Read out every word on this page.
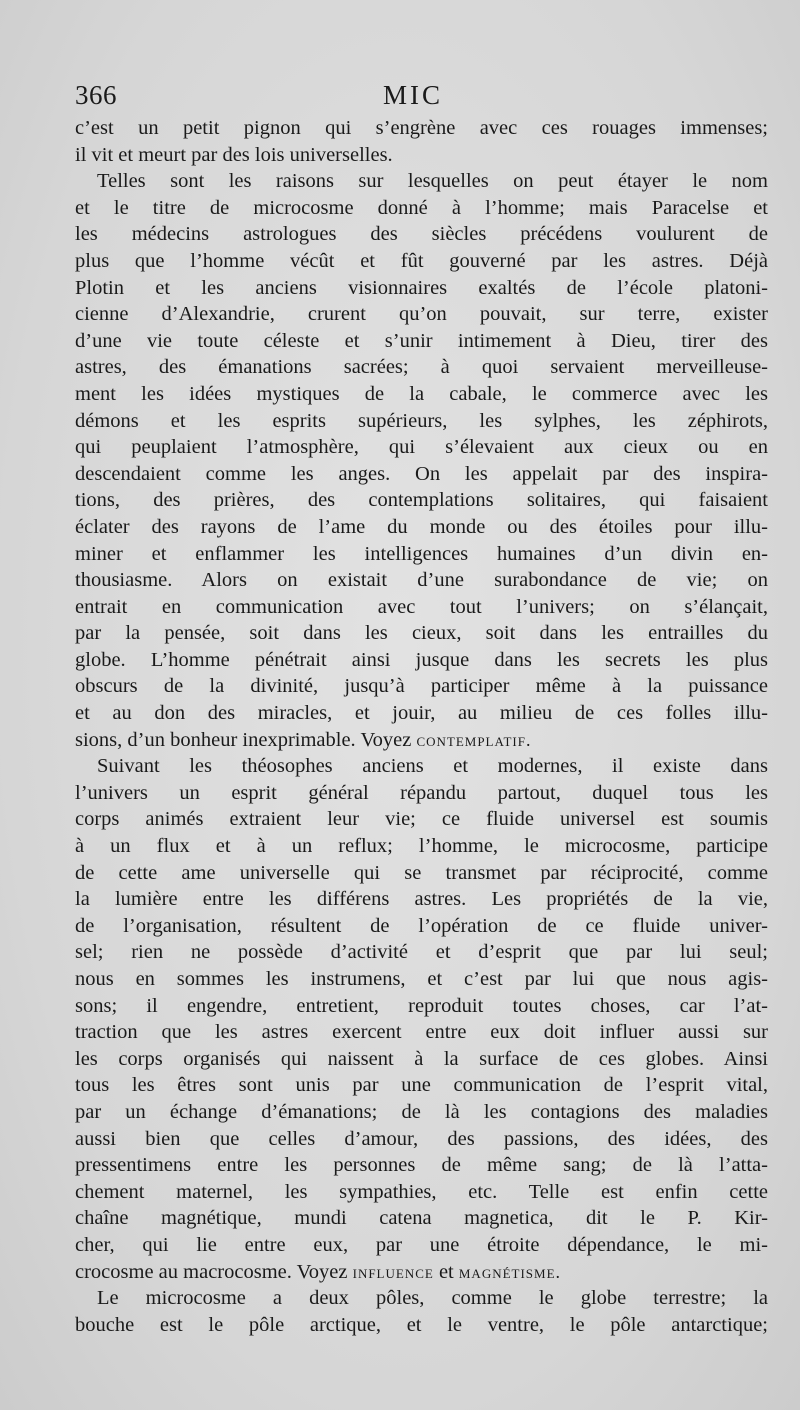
366	MIC
c’est un petit pignon qui s’engrène avec ces rouages immenses;
il vit et meurt par des lois universelles.
Telles sont les raisons sur lesquelles on peut étayer le nom
et le titre de microcosme donné à l’homme; mais Paracelse et
les médecins astrologues des siècles précédens voulurent de
plus que l’homme vécût et fût gouverné par les astres. Déjà
Plotin et les anciens visionnaires exaltés de l’école platoni-
cienne d’Alexandrie, crurent qu’on pouvait, sur terre, exister
d’une vie toute céleste et s’unir intimement à Dieu, tirer des
astres, des émanations sacrées; à quoi servaient merveilleuse-
ment les idées mystiques de la cabale, le commerce avec les
démons et les esprits supérieurs, les sylphes, les zéphirots,
qui peuplaient l’atmosphère, qui s’élevaient aux cieux ou en
descendaient comme les anges. On les appelait par des inspira-
tions, des prières, des contemplations solitaires, qui faisaient
éclater des rayons de l’ame du monde ou des étoiles pour illu-
miner et enflammer les intelligences humaines d’un divin en-
thousiasme. Alors on existait d’une surabondance de vie; on
entrait en communication avec tout l’univers; on s’élançait,
par la pensée, soit dans les cieux, soit dans les entrailles du
globe. L’homme pénétrait ainsi jusque dans les secrets les plus
obscurs de la divinité, jusqu’à participer même à la puissance
et au don des miracles, et jouir, au milieu de ces folles illu-
sions, d’un bonheur inexprimable. Voyez contemplatif.
Suivant les théosophes anciens et modernes, il existe dans
l’univers un esprit général répandu partout, duquel tous les
corps animés extraient leur vie; ce fluide universel est soumis
à un flux et à un reflux; l’homme, le microcosme, participe
de cette ame universelle qui se transmet par réciprocité, comme
la lumière entre les différens astres. Les propriétés de la vie,
de l’organisation, résultent de l’opération de ce fluide univer-
sel; rien ne possède d’activité et d’esprit que par lui seul;
nous en sommes les instrumens, et c’est par lui que nous agis-
sons; il engendre, entretient, reproduit toutes choses, car l’at-
traction que les astres exercent entre eux doit influer aussi sur
les corps organisés qui naissent à la surface de ces globes. Ainsi
tous les êtres sont unis par une communication de l’esprit vital,
par un échange d’émanations; de là les contagions des maladies
aussi bien que celles d’amour, des passions, des idées, des
pressentimens entre les personnes de même sang; de là l’atta-
chement maternel, les sympathies, etc. Telle est enfin cette
chaîne magnétique, mundi catena magnetica, dit le P. Kir-
cher, qui lie entre eux, par une étroite dépendance, le mi-
crocosme au macrocosme. Voyez influence et magnétisme.
Le microcosme a deux pôles, comme le globe terrestre; la
bouche est le pôle arctique, et le ventre, le pôle antarctique;
